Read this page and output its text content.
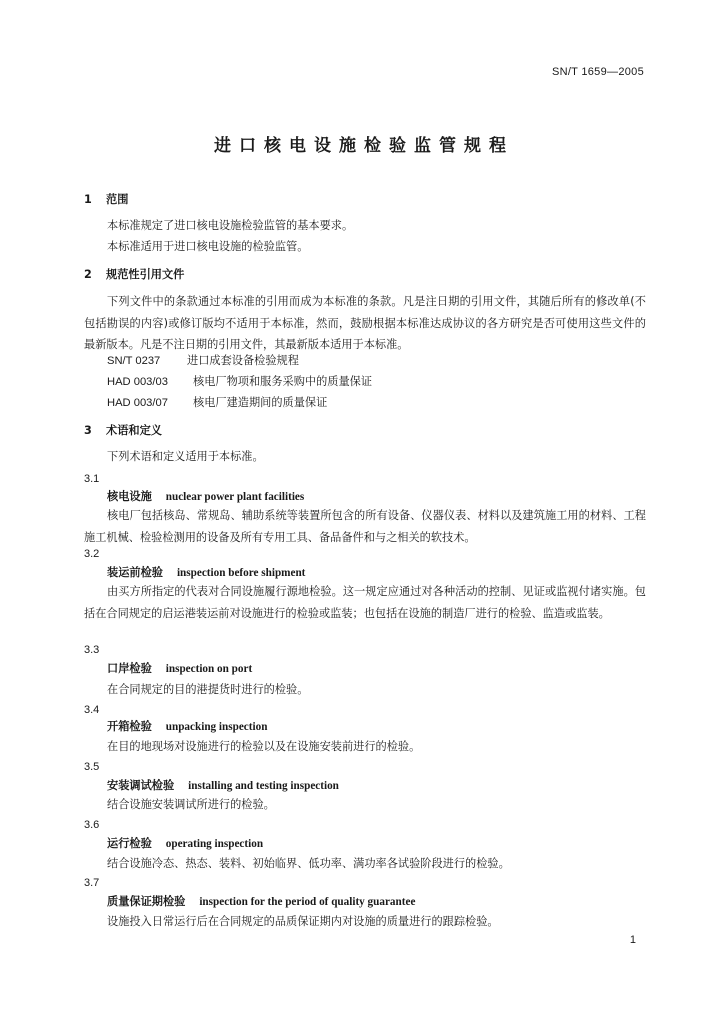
SN/T 1659—2005
进口核电设施检验监管规程
1 范围
本标准规定了进口核电设施检验监管的基本要求。
本标准适用于进口核电设施的检验监管。
2 规范性引用文件
下列文件中的条款通过本标准的引用而成为本标准的条款。凡是注日期的引用文件，其随后所有的修改单(不包括勘误的内容)或修订版均不适用于本标准，然而，鼓励根据本标准达成协议的各方研究是否可使用这些文件的最新版本。凡是不注日期的引用文件，其最新版本适用于本标准。
SN/T 0237 进口成套设备检验规程
HAD 003/03 核电厂物项和服务采购中的质量保证
HAD 003/07 核电厂建造期间的质量保证
3 术语和定义
下列术语和定义适用于本标准。
3.1
核电设施 nuclear power plant facilities
核电厂包括核岛、常规岛、辅助系统等装置所包含的所有设备、仪器仪表、材料以及建筑施工用的材料、工程施工机械、检验检测用的设备及所有专用工具、备品备件和与之相关的软技术。
3.2
装运前检验 inspection before shipment
由买方所指定的代表对合同设施履行源地检验。这一规定应通过对各种活动的控制、见证或监视付诸实施。包括在合同规定的启运港装运前对设施进行的检验或监装；也包括在设施的制造厂进行的检验、监造或监装。
3.3
口岸检验 inspection on port
在合同规定的目的港提货时进行的检验。
3.4
开箱检验 unpacking inspection
在目的地现场对设施进行的检验以及在设施安装前进行的检验。
3.5
安装调试检验 installing and testing inspection
结合设施安装调试所进行的检验。
3.6
运行检验 operating inspection
结合设施冷态、热态、装料、初始临界、低功率、满功率各试验阶段进行的检验。
3.7
质量保证期检验 inspection for the period of quality guarantee
设施投入日常运行后在合同规定的品质保证期内对设施的质量进行的跟踪检验。
1
